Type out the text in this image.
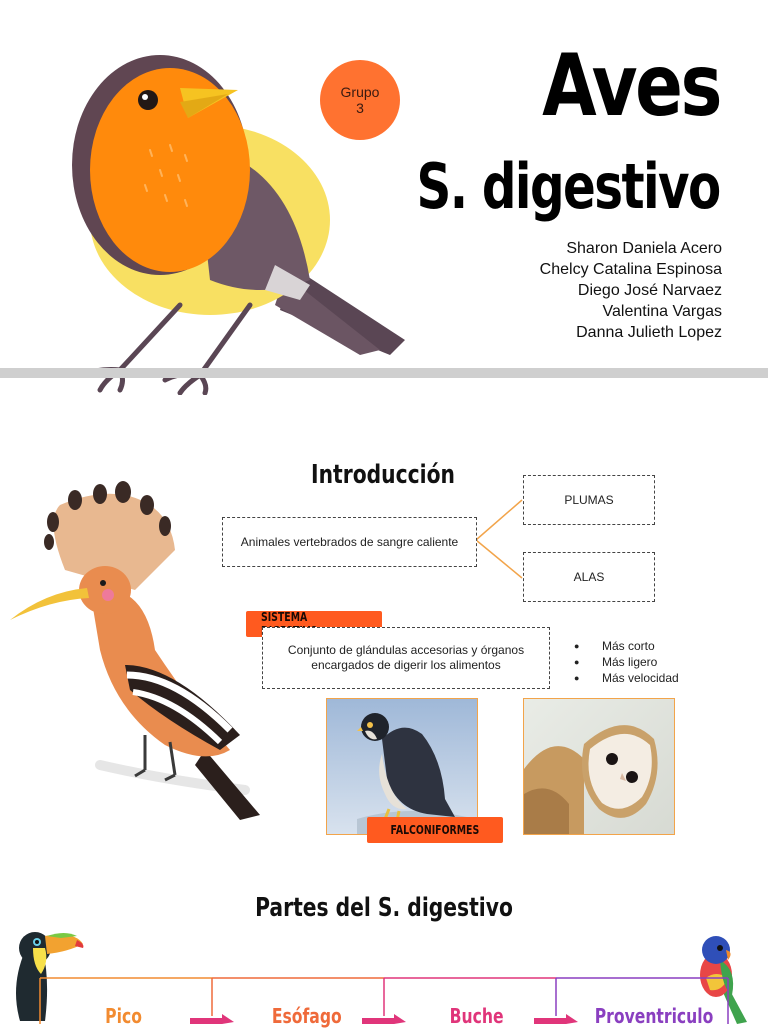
Grupo
3	Aves
S. digestivo
Sharon Daniela Acero
Chelcy Catalina Espinosa
Diego José Narvaez
Valentina Vargas
Danna Julieth Lopez
Introducción
Animales vertebrados de sangre caliente
PLUMAS
ALAS
SISTEMA
Conjunto de glándulas accesorias y órganos encargados de digerir los alimentos
● Más corto
● Más ligero
● Más velocidad
FALCONIFORMES
Partes del S. digestivo
Pico	Esófago	Buche	Proventriculo
